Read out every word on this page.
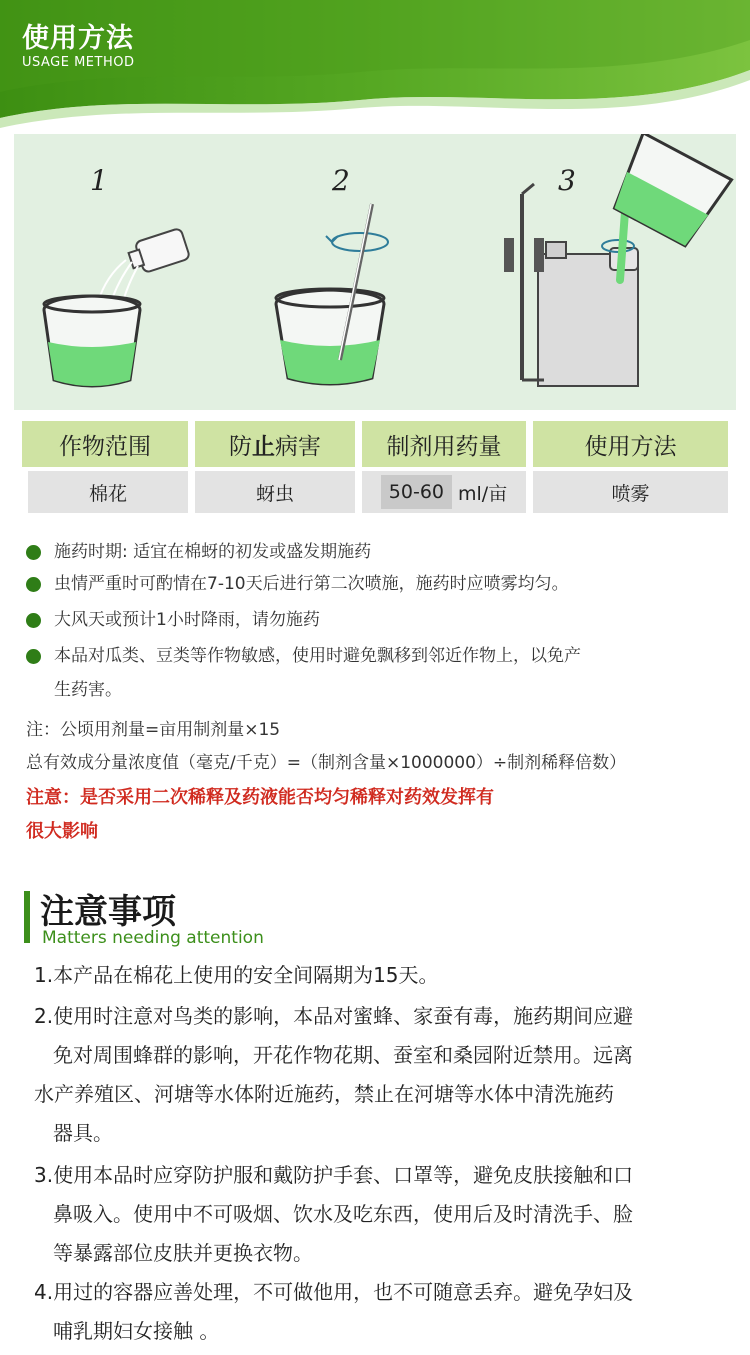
使用方法
USAGE METHOD
1	2	3
作物范围	防 止 病害	制剂用药量	使用方法
棉花	蚜虫	50-60 ml/亩	喷雾
施药时期: 适宜在棉蚜的初发或盛发期施药
虫情严重时可酌情在7-10天后进行第二次喷施，施药时应喷雾均匀。
大风天或预计1小时降雨，请勿施药
本品对瓜类、豆类等作物敏感，使用时避免飘移到邻近作物上，以免产
生药害。
注：公顷用剂量=亩用制剂量×15
总有效成分量浓度值（毫克/千克）=（制剂含量×1000000）÷制剂稀释倍数）
注意：是否采用二次稀释及药液能否均匀稀释对药效发挥有
很大影响
注意事项
Matters needing attention
1.本产品在棉花上使用的安全间隔期为15天。
2.使用时注意对鸟类的影响，本品对蜜蜂、家蚕有毒，施药期间应避
免对周围蜂群的影响，开花作物花期、蚕室和桑园附近禁用。远离
水产养殖区、河塘等水体附近施药，禁止在河塘等水体中清洗施药
器具。
3.使用本品时应穿防护服和戴防护手套、口罩等，避免皮肤接触和口
鼻吸入。使用中不可吸烟、饮水及吃东西，使用后及时清洗手、脸
等暴露部位皮肤并更换衣物。
4.用过的容器应善处理，不可做他用，也不可随意丢弃。避免孕妇及
哺乳期妇女接触 。
